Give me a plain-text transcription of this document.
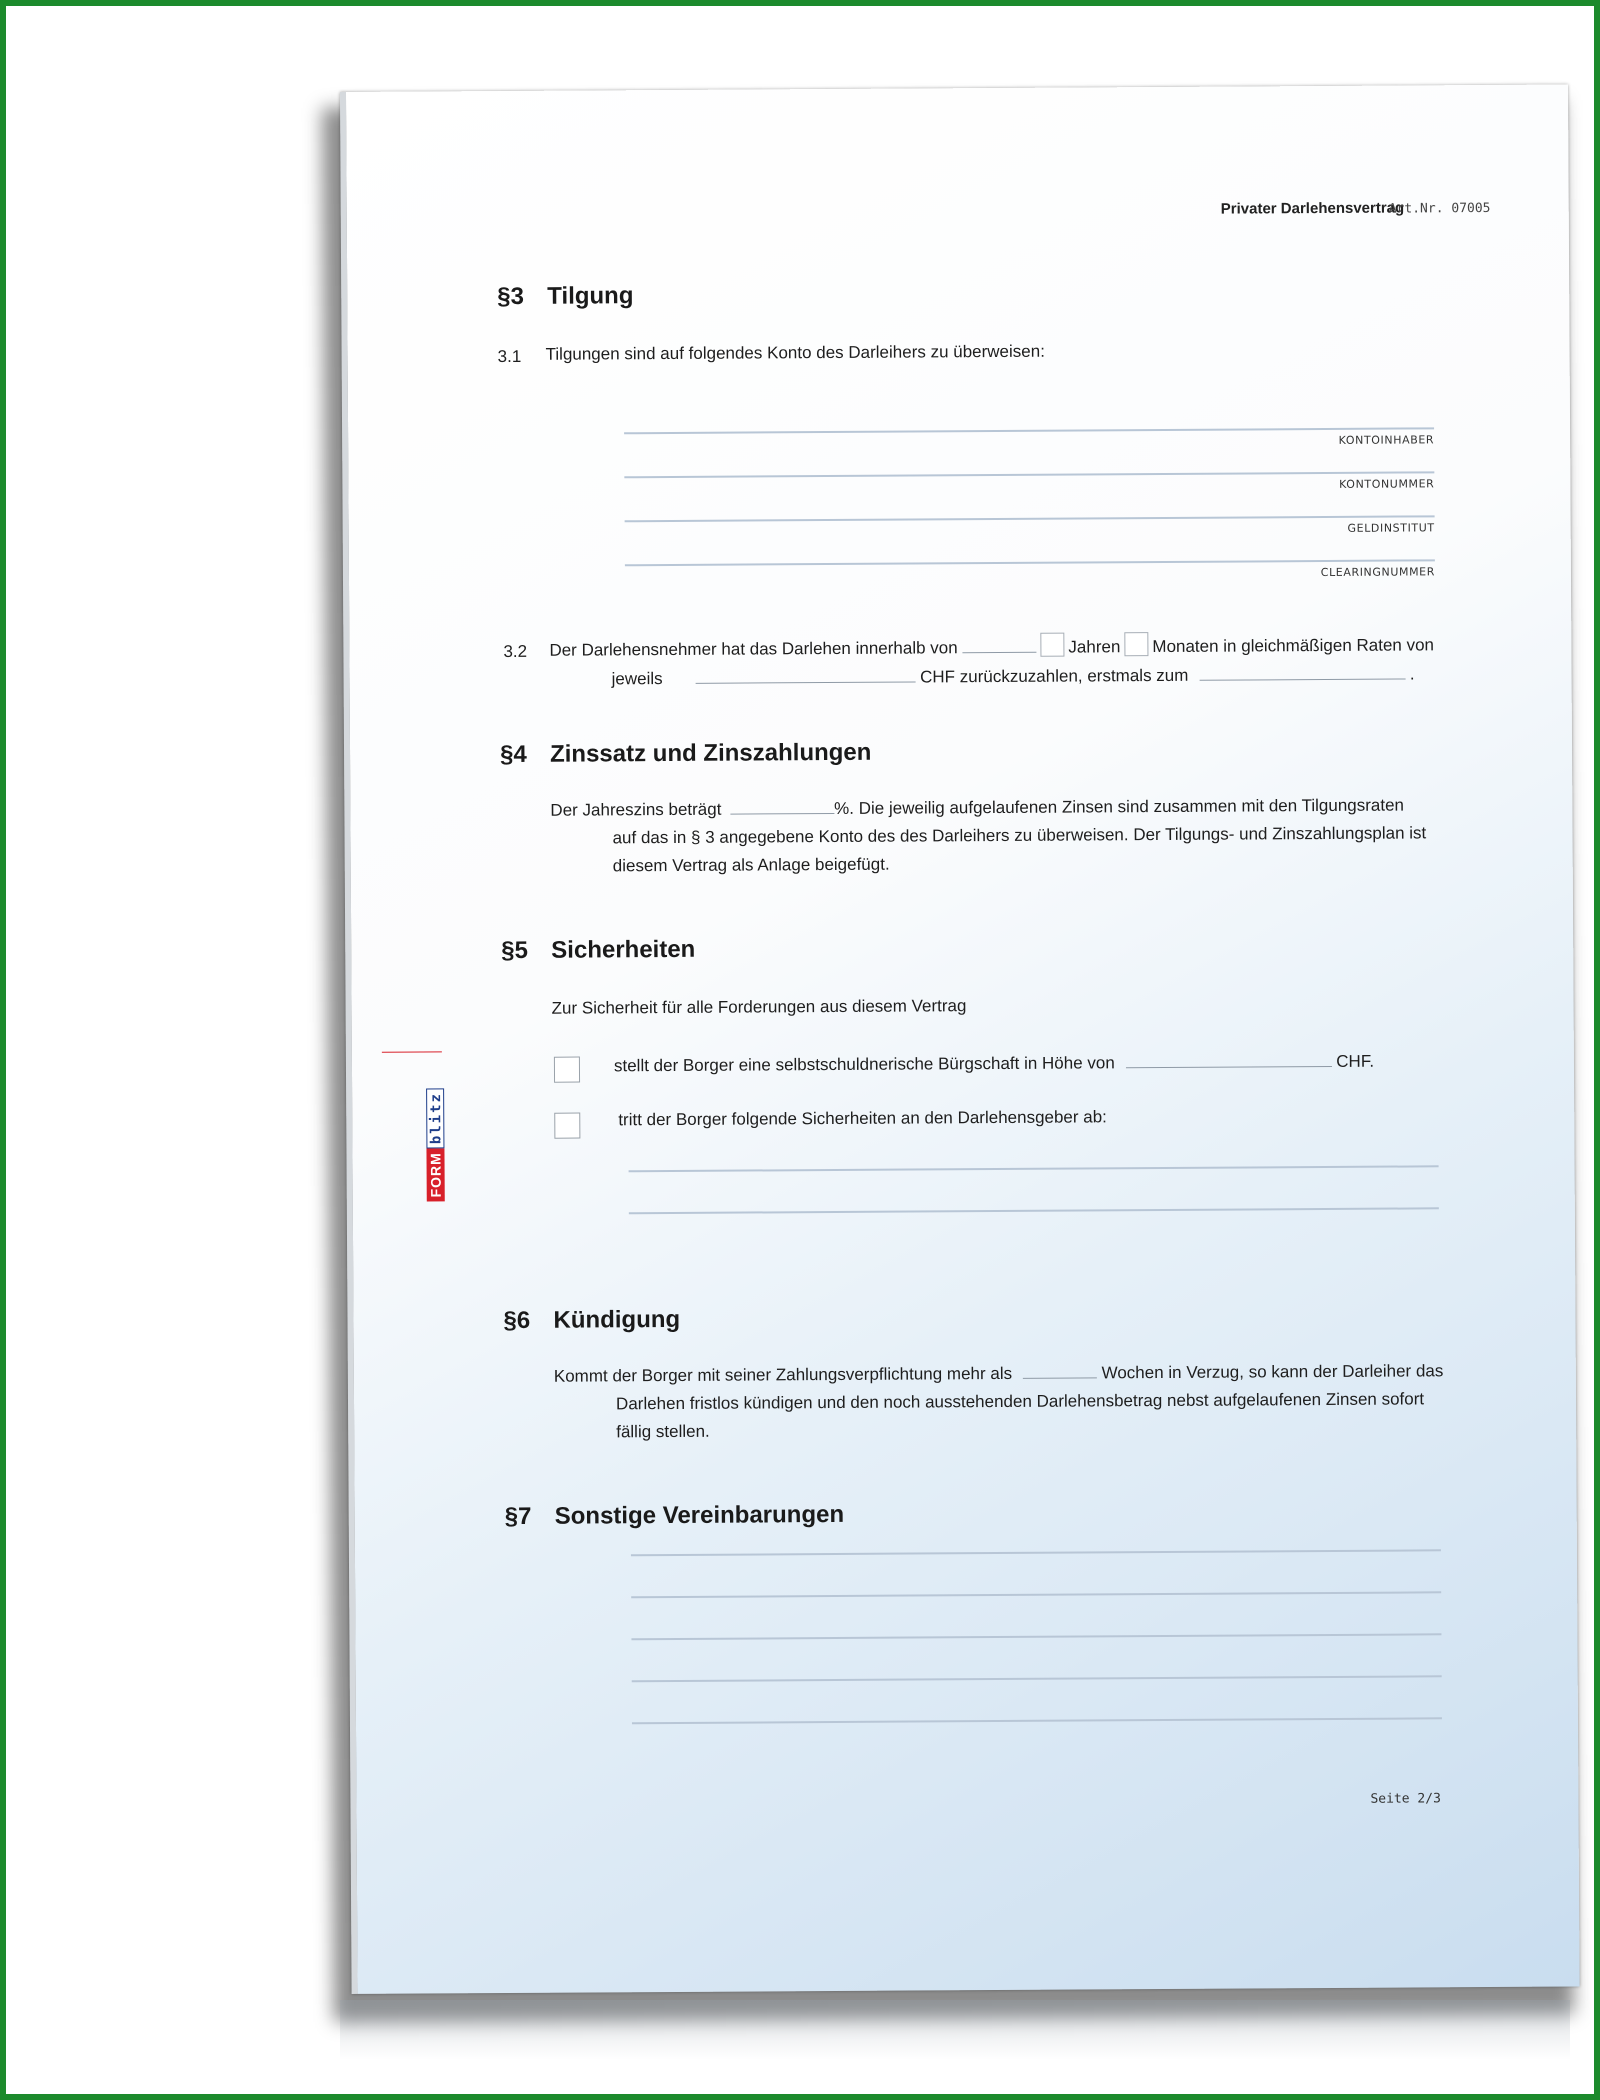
Privater Darlehensvertrag
Art.Nr. 07005
§3 Tilgung
3.1 Tilgungen sind auf folgendes Konto des Darleihers zu überweisen:
KONTOINHABER
KONTONUMMER
GELDINSTITUT
CLEARINGNUMMER
3.2 Der Darlehensnehmer hat das Darlehen innerhalb von	Jahren Monaten in gleichmäßigen Raten von
jeweils	CHF zurückzuzahlen, erstmals zum	.
§4 Zinssatz und Zinszahlungen
Der Jahreszins beträgt	%. Die jeweilig aufgelaufenen Zinsen sind zusammen mit den Tilgungsraten
auf das in § 3 angegebene Konto des des Darleihers zu überweisen. Der Tilgungs- und Zinszahlungsplan ist
diesem Vertrag als Anlage beigefügt.
§5 Sicherheiten
Zur Sicherheit für alle Forderungen aus diesem Vertrag
stellt der Borger eine selbstschuldnerische Bürgschaft in Höhe von	CHF.
tritt der Borger folgende Sicherheiten an den Darlehensgeber ab:
§6 Kündigung
Kommt der Borger mit seiner Zahlungsverpflichtung mehr als	Wochen in Verzug, so kann der Darleiher das
Darlehen fristlos kündigen und den noch ausstehenden Darlehensbetrag nebst aufgelaufenen Zinsen sofort
fällig stellen.
§7 Sonstige Vereinbarungen
Seite 2/3
FORM
blitz
